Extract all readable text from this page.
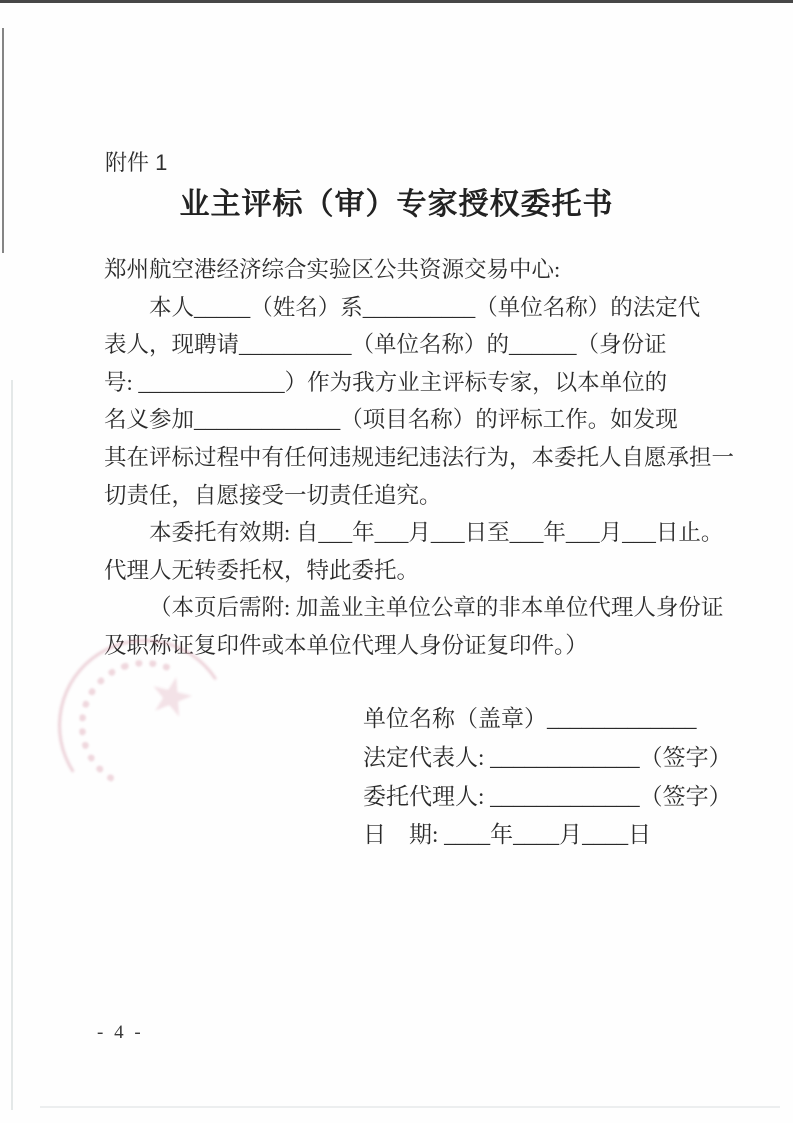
附件 1
业主评标（审）专家授权委托书
郑州航空港经济综合实验区公共资源交易中心:
本人_____（姓名）系__________（单位名称）的法定代
表人，现聘请__________（单位名称）的______（身份证
号: _____________）作为我方业主评标专家，以本单位的
名义参加_____________（项目名称）的评标工作。如发现
其在评标过程中有任何违规违纪违法行为，本委托人自愿承担一
切责任，自愿接受一切责任追究。
本委托有效期: 自___年___月___日至___年___月___日止。
代理人无转委托权，特此委托。
（本页后需附: 加盖业主单位公章的非本单位代理人身份证
及职称证复印件或本单位代理人身份证复印件。）
★	单位名称（盖章）_____________
法定代表人: _____________（签字）
委托代理人: _____________（签字）
日    期: ____年____月____日
- 4 -
